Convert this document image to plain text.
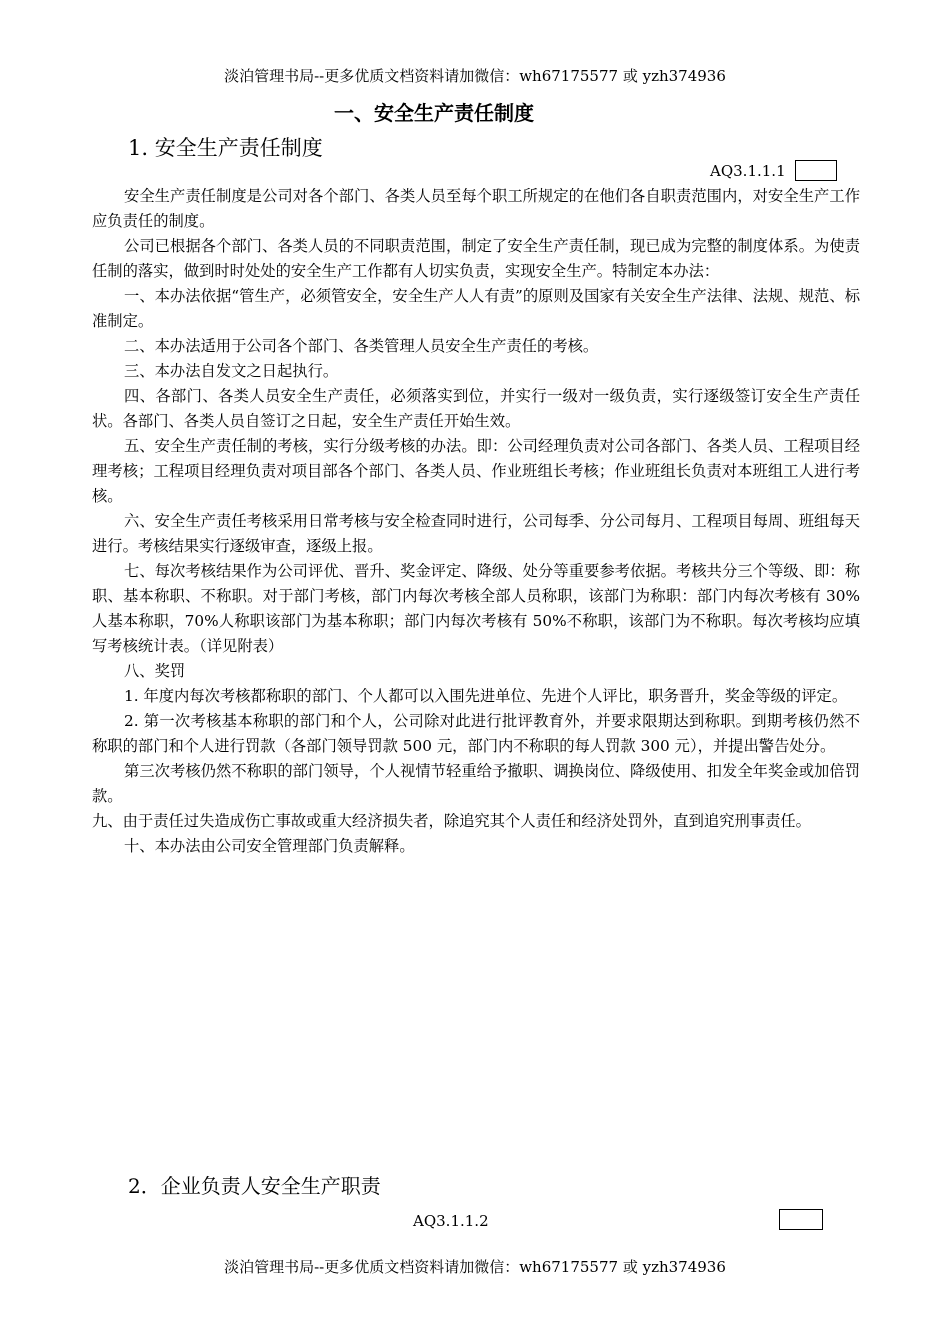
淡泊管理书局--更多优质文档资料请加微信：wh67175577 或 yzh374936
一、安全生产责任制度
1. 安全生产责任制度
AQ3.1.1.1

安全生产责任制度是公司对各个部门、各类人员至每个职工所规定的在他们各自职责范围内，对安全生产工作应负责任的制度。

公司已根据各个部门、各类人员的不同职责范围，制定了安全生产责任制，现已成为完整的制度体系。为使责任制的落实，做到时时处处的安全生产工作都有人切实负责，实现安全生产。特制定本办法：

一、本办法依据“管生产，必须管安全，安全生产人人有责”的原则及国家有关安全生产法律、法规、规范、标准制定。

二、本办法适用于公司各个部门、各类管理人员安全生产责任的考核。

三、本办法自发文之日起执行。

四、各部门、各类人员安全生产责任，必须落实到位，并实行一级对一级负责，实行逐级签订安全生产责任状。各部门、各类人员自签订之日起，安全生产责任开始生效。

五、安全生产责任制的考核，实行分级考核的办法。即：公司经理负责对公司各部门、各类人员、工程项目经理考核；工程项目经理负责对项目部各个部门、各类人员、作业班组长考核；作业班组长负责对本班组工人进行考核。

六、安全生产责任考核采用日常考核与安全检查同时进行，公司每季、分公司每月、工程项目每周、班组每天进行。考核结果实行逐级审查，逐级上报。

七、每次考核结果作为公司评优、晋升、奖金评定、降级、处分等重要参考依据。考核共分三个等级、即：称职、基本称职、不称职。对于部门考核，部门内每次考核全部人员称职，该部门为称职：部门内每次考核有 30%人基本称职，70%人称职该部门为基本称职；部门内每次考核有 50%不称职，该部门为不称职。每次考核均应填写考核统计表。（详见附表）

八、奖罚

1. 年度内每次考核都称职的部门、个人都可以入围先进单位、先进个人评比，职务晋升，奖金等级的评定。

2. 第一次考核基本称职的部门和个人，公司除对此进行批评教育外，并要求限期达到称职。到期考核仍然不称职的部门和个人进行罚款（各部门领导罚款 500 元，部门内不称职的每人罚款 300 元），并提出警告处分。

第三次考核仍然不称职的部门领导，个人视情节轻重给予撤职、调换岗位、降级使用、扣发全年奖金或加倍罚款。

九、由于责任过失造成伤亡事故或重大经济损失者，除追究其个人责任和经济处罚外，直到追究刑事责任。

十、本办法由公司安全管理部门负责解释。

2．企业负责人安全生产职责
AQ3.1.1.2
淡泊管理书局--更多优质文档资料请加微信：wh67175577 或 yzh374936
